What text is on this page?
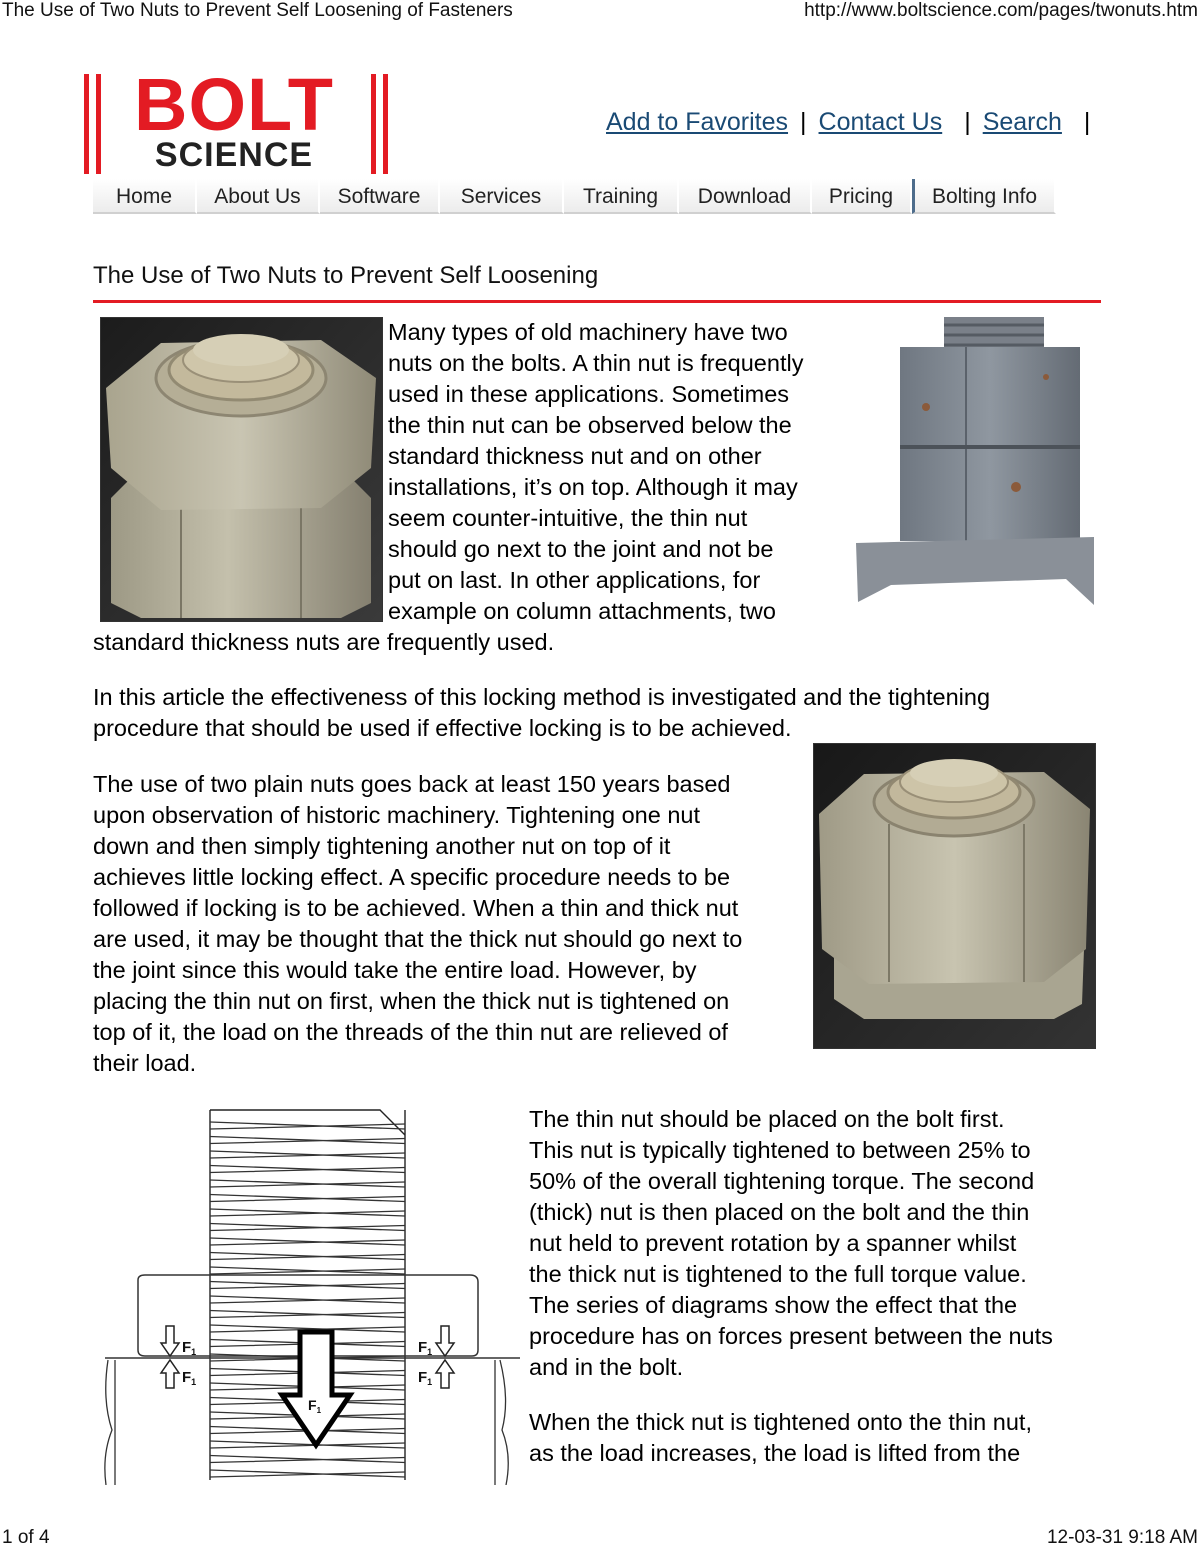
The Use of Two Nuts to Prevent Self Loosening of Fasteners	http://www.boltscience.com/pages/twonuts.htm
BOLT
SCIENCE
Add to Favorites | Contact Us | Search |
Home	About Us	Software	Services	Training	Download	Pricing	Bolting Info
The Use of Two Nuts to Prevent Self Loosening
Many types of old machinery have two
nuts on the bolts. A thin nut is frequently
used in these applications. Sometimes
the thin nut can be observed below the
standard thickness nut and on other
installations, it’s on top. Although it may
seem counter-intuitive, the thin nut
should go next to the joint and not be
put on last. In other applications, for
example on column attachments, two
standard thickness nuts are frequently used.
In this article the effectiveness of this locking method is investigated and the tightening
procedure that should be used if effective locking is to be achieved.
The use of two plain nuts goes back at least 150 years based
upon observation of historic machinery. Tightening one nut
down and then simply tightening another nut on top of it
achieves little locking effect. A specific procedure needs to be
followed if locking is to be achieved. When a thin and thick nut
are used, it may be thought that the thick nut should go next to
the joint since this would take the entire load. However, by
placing the thin nut on first, when the thick nut is tightened on
top of it, the load on the threads of the thin nut are relieved of
their load.
$F_1$
$F_1$
$F_1$
$F_1$
$F_1$
The thin nut should be placed on the bolt first.
This nut is typically tightened to between 25% to
50% of the overall tightening torque. The second
(thick) nut is then placed on the bolt and the thin
nut held to prevent rotation by a spanner whilst
the thick nut is tightened to the full torque value.
The series of diagrams show the effect that the
procedure has on forces present between the nuts
and in the bolt.
When the thick nut is tightened onto the thin nut,
as the load increases, the load is lifted from the
1 of 4	12-03-31 9:18 AM
